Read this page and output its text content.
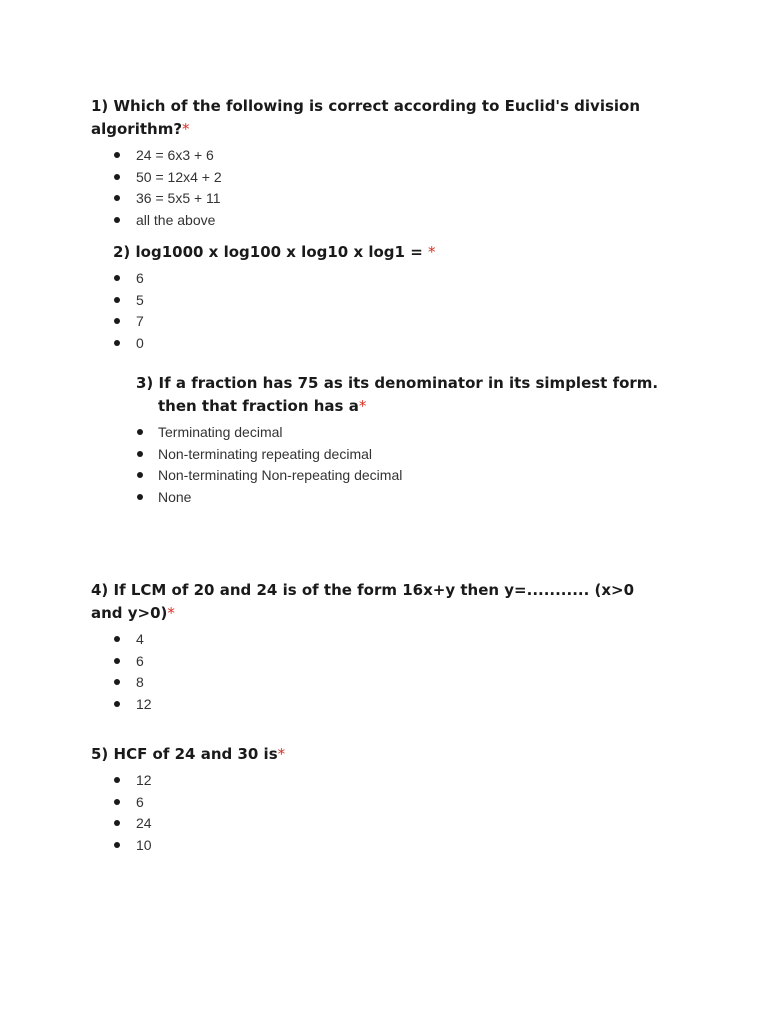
1) Which of the following is correct according to Euclid's division algorithm?*

24 = 6x3 + 6
50 = 12x4 + 2
36 = 5x5 + 11
all the above

2) log1000 x log100 x log10 x log1 = *

6
5
7
0

3) If a fraction has 75 as its denominator in its simplest form. then that fraction has a*

Terminating decimal
Non-terminating repeating decimal
Non-terminating Non-repeating decimal
None

4) If LCM of 20 and 24 is of the form 16x+y then y=........... (x>0 and y>0)*

4
6
8
12

5) HCF of 24 and 30 is*

12
6
24
10
